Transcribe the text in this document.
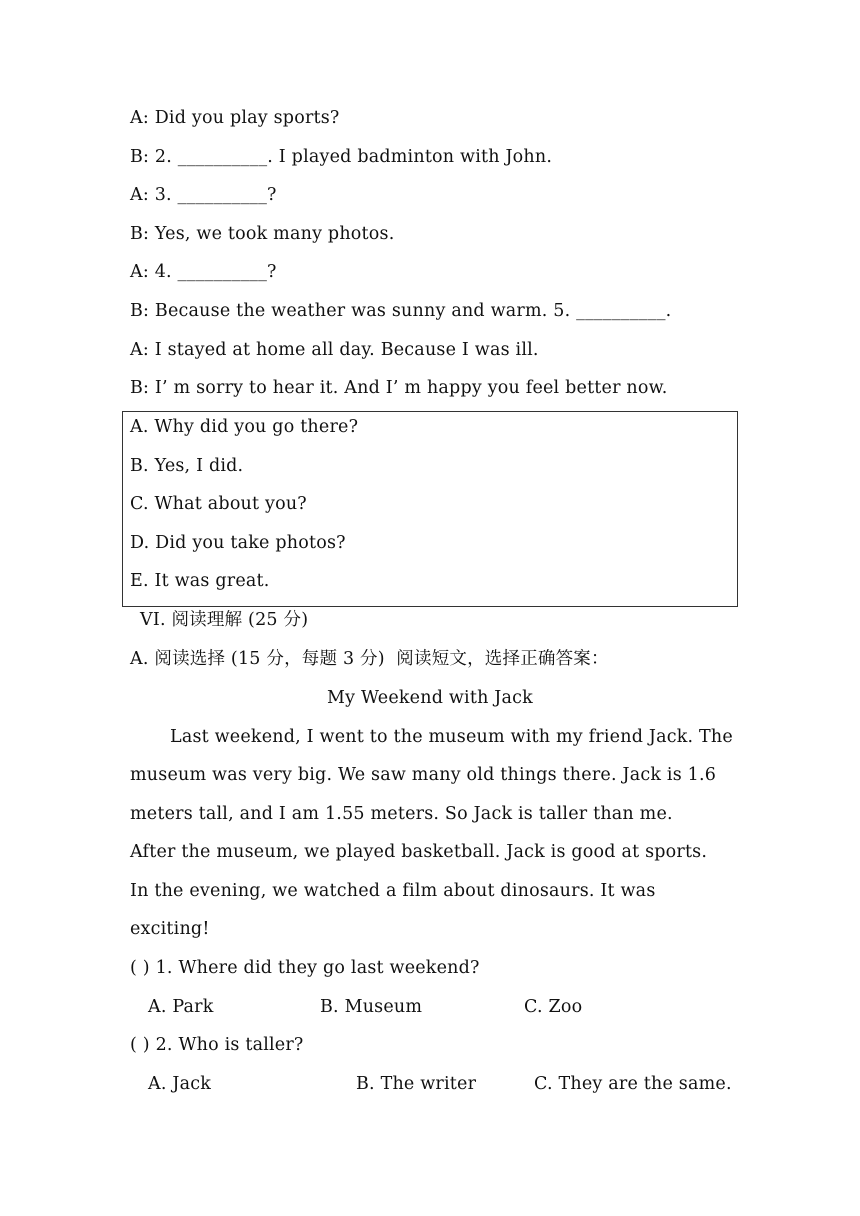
A: Did you play sports?
B: 2. __________. I played badminton with John.
A: 3. __________?
B: Yes, we took many photos.
A: 4. __________?
B: Because the weather was sunny and warm. 5. __________.
A: I stayed at home all day. Because I was ill.
B: I’ m sorry to hear it. And I’ m happy you feel better now.
A. Why did you go there?
B. Yes, I did.
C. What about you?
D. Did you take photos?
E. It was great.
VI. 阅读理解 (25 分)
A. 阅读选择 (15 分，每题 3 分)  阅读短文，选择正确答案：
My Weekend with Jack
Last weekend, I went to the museum with my friend Jack. The
museum was very big. We saw many old things there. Jack is 1.6
meters tall, and I am 1.55 meters. So Jack is taller than me.
After the museum, we played basketball. Jack is good at sports.
In the evening, we watched a film about dinosaurs. It was
exciting!
( ) 1. Where did they go last weekend?
A. Park	B. Museum	C. Zoo
( ) 2. Who is taller?
A. Jack	B. The writer	C. They are the same.
